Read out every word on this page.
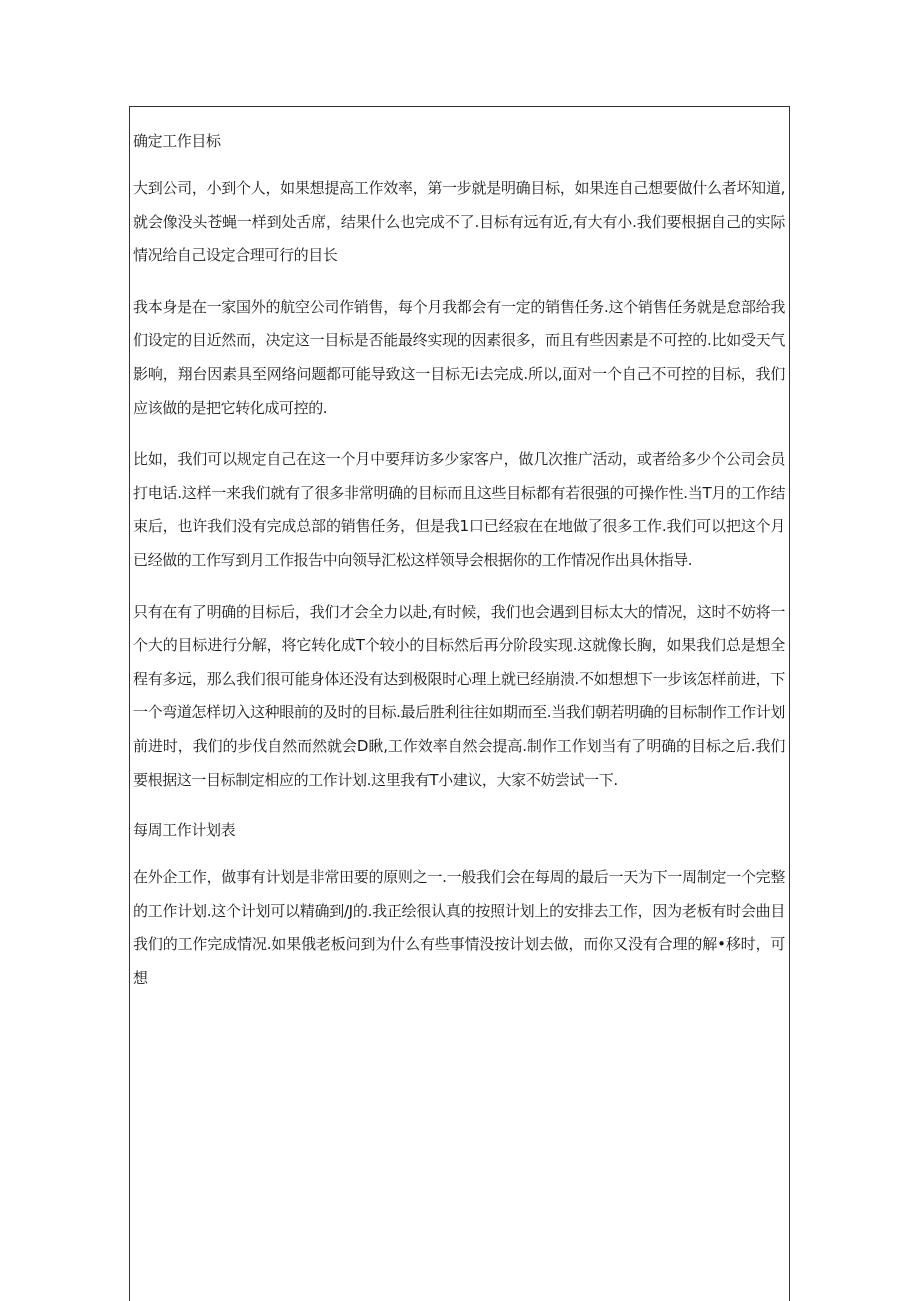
确定工作目标

大到公司，小到个人，如果想提高工作效率，第一步就是明确目标，如果连自己想要做什么者坏知道,就会像没头苍蝇一样到处舌席，结果什么也完成不了.目标有远有近,有大有小.我们要根据自己的实际情况给自己设定合理可行的目长

我本身是在一家国外的航空公司作销售，每个月我都会有一定的销售任务.这个销售任务就是怠部给我们设定的目近然而，决定这一目标是否能最终实现的因素很多，而且有些因素是不可控的.比如受天气影响，翔台因素具至网络问题都可能导致这一目标无i去完成.所以,面对一个自己不可控的目标，我们应该做的是把它转化成可控的.

比如，我们可以规定自己在这一个月中要拜访多少家客户，做几次推广活动，或者给多少个公司会员打电话.这样一来我们就有了很多非常明确的目标而且这些目标都有若很强的可操作性.当T月的工作结束后，也许我们没有完成总部的销售任务，但是我1口已经寂在在地做了很多工作.我们可以把这个月已经做的工作写到月工作报告中向领导汇松这样领导会根据你的工作情况作出具休指导.

只有在有了明确的目标后，我们才会全力以赴,有时候，我们也会遇到目标太大的情况，这时不妨将一个大的目标进行分解，将它转化成T个较小的目标然后再分阶段实现.这就像长胸，如果我们总是想全程有多远，那么我们很可能身体还没有达到极限时心理上就已经崩溃.不如想想下一步该怎样前进，下一个弯道怎样切入这种眼前的及时的目标.最后胜利往往如期而至.当我们朝若明确的目标制作工作计划前进时，我们的步伐自然而然就会D瞅,工作效率自然会提高.制作工作划当有了明确的目标之后.我们要根据这一目标制定相应的工作计划.这里我有T小建议，大家不妨尝试一下.

每周工作计划表

在外企工作，做事有计划是非常田要的原则之一.一般我们会在每周的最后一天为下一周制定一个完整的工作计划.这个计划可以精确到/J的.我正绘很认真的按照计划上的安排去工作，因为老板有时会曲目我们的工作完成情况.如果俄老板问到为什么有些事情没按计划去做，而你又没有合理的解•移时，可想
